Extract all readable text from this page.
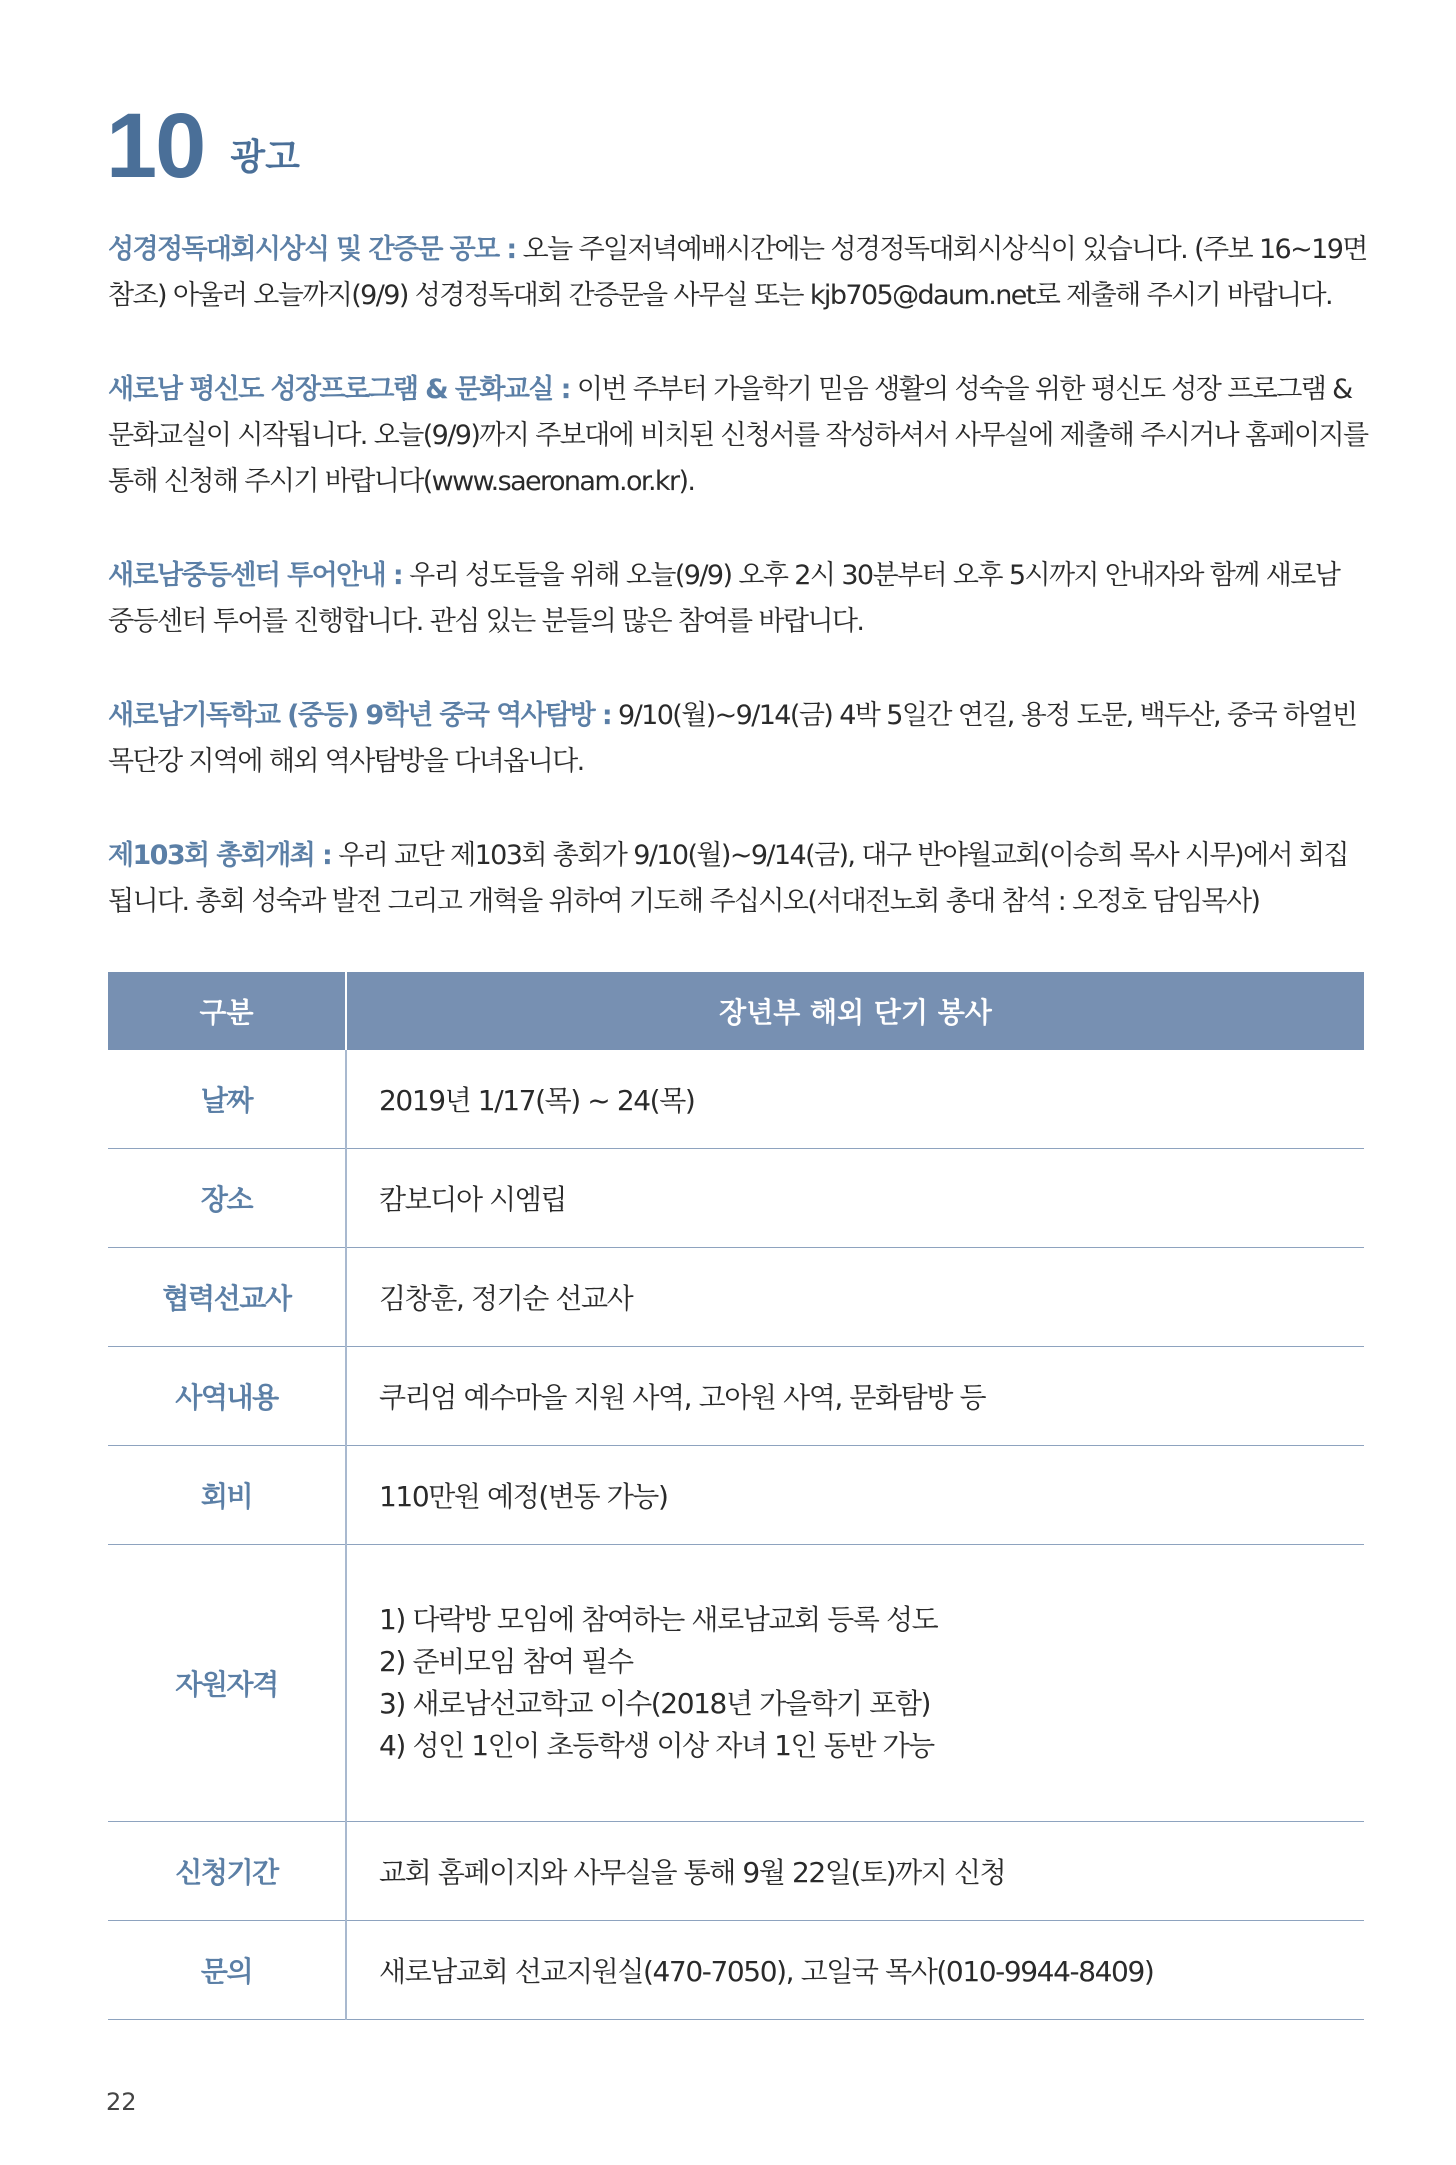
10 광고

성경정독대회시상식 및 간증문 공모 : 오늘 주일저녁예배시간에는 성경정독대회시상식이 있습니다. (주보 16~19면 참조) 아울러 오늘까지(9/9) 성경정독대회 간증문을 사무실 또는 kjb705@daum.net로 제출해 주시기 바랍니다.

새로남 평신도 성장프로그램 & 문화교실 : 이번 주부터 가을학기 믿음 생활의 성숙을 위한 평신도 성장 프로그램 & 문화교실이 시작됩니다. 오늘(9/9)까지 주보대에 비치된 신청서를 작성하셔서 사무실에 제출해 주시거나 홈페이지를 통해 신청해 주시기 바랍니다(www.saeronam.or.kr).

새로남중등센터 투어안내 : 우리 성도들을 위해 오늘(9/9) 오후 2시 30분부터 오후 5시까지 안내자와 함께 새로남 중등센터 투어를 진행합니다. 관심 있는 분들의 많은 참여를 바랍니다.

새로남기독학교 (중등) 9학년 중국 역사탐방 : 9/10(월)~9/14(금) 4박 5일간 연길, 용정 도문, 백두산, 중국 하얼빈 목단강 지역에 해외 역사탐방을 다녀옵니다.

제103회 총회개최 : 우리 교단 제103회 총회가 9/10(월)~9/14(금), 대구 반야월교회(이승희 목사 시무)에서 회집됩니다. 총회 성숙과 발전 그리고 개혁을 위하여 기도해 주십시오(서대전노회 총대 참석 : 오정호 담임목사)

구분	장년부 해외 단기 봉사
날짜	2019년 1/17(목) ~ 24(목)
장소	캄보디아 시엠립
협력선교사	김창훈, 정기순 선교사
사역내용	쿠리엄 예수마을 지원 사역, 고아원 사역, 문화탐방 등
회비	110만원 예정(변동 가능)
자원자격	1) 다락방 모임에 참여하는 새로남교회 등록 성도
2) 준비모임 참여 필수
3) 새로남선교학교 이수(2018년 가을학기 포함)
4) 성인 1인이 초등학생 이상 자녀 1인 동반 가능

신청기간	교회 홈페이지와 사무실을 통해 9월 22일(토)까지 신청
문의	새로남교회 선교지원실(470-7050), 고일국 목사(010-9944-8409)
22
